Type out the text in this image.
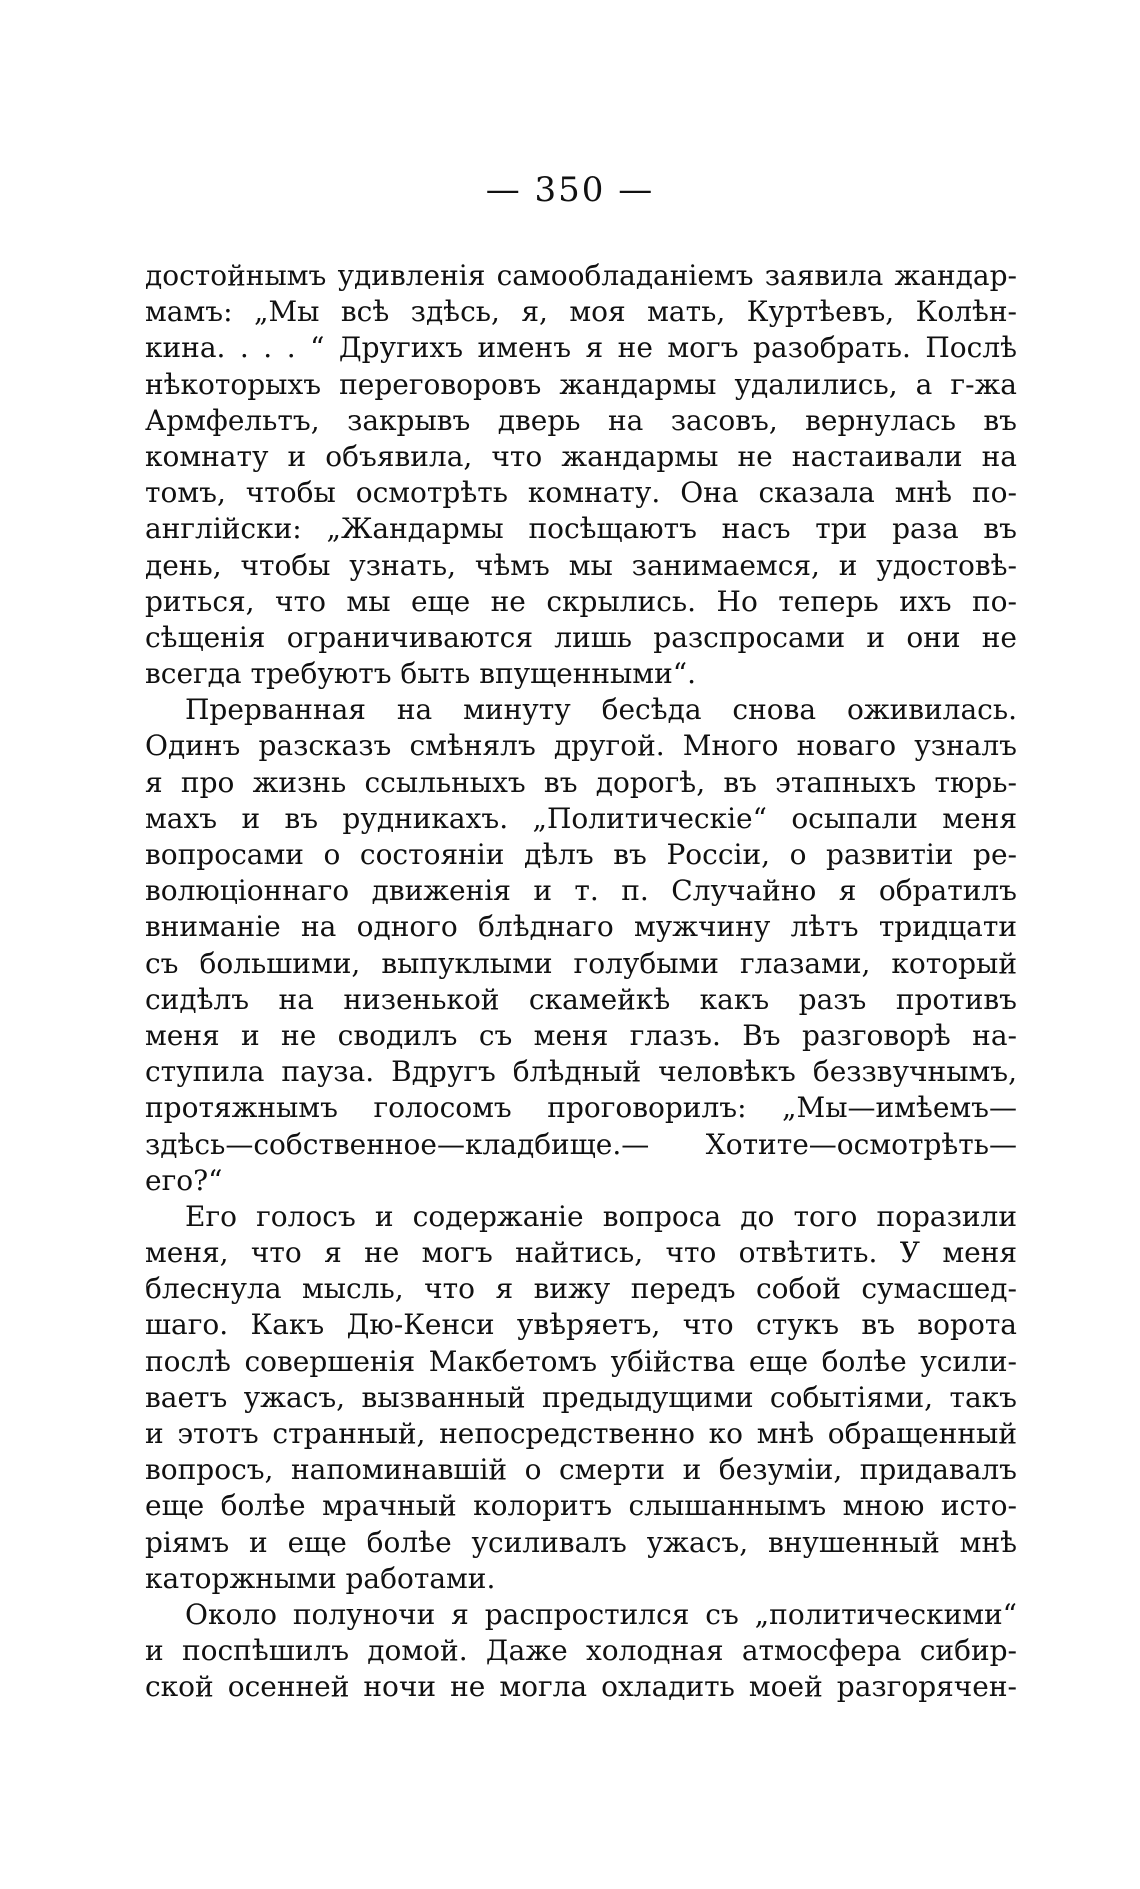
— 350 —

достойнымъ удивленія самообладаніемъ заявила жандар-
мамъ: „Мы всѣ здѣсь, я, моя мать, Куртѣевъ, Колѣн-
кина. . . . “ Другихъ именъ я не могъ разобрать. Послѣ
нѣкоторыхъ переговоровъ жандармы удалились, а г-жа
Армфельтъ, закрывъ дверь на засовъ, вернулась въ
комнату и объявила, что жандармы не настаивали на
томъ, чтобы осмотрѣть комнату. Она сказала мнѣ по-
англійски: „Жандармы посѣщаютъ насъ три раза въ
день, чтобы узнать, чѣмъ мы занимаемся, и удостовѣ-
риться, что мы еще не скрылись. Но теперь ихъ по-
сѣщенія ограничиваются лишь разспросами и они не
всегда требуютъ быть впущенными“.
Прерванная на минуту бесѣда снова оживилась.
Одинъ разсказъ смѣнялъ другой. Много новаго узналъ
я про жизнь ссыльныхъ въ дорогѣ, въ этапныхъ тюрь-
махъ и въ рудникахъ. „Политическіе“ осыпали меня
вопросами о состояніи дѣлъ въ Россіи, о развитіи ре-
волюціоннаго движенія и т. п. Случайно я обратилъ
вниманіе на одного блѣднаго мужчину лѣтъ тридцати
съ большими, выпуклыми голубыми глазами, который
сидѣлъ на низенькой скамейкѣ какъ разъ противъ
меня и не сводилъ съ меня глазъ. Въ разговорѣ на-
ступила пауза. Вдругъ блѣдный человѣкъ беззвучнымъ,
протяжнымъ голосомъ проговорилъ: „Мы—имѣемъ—
здѣсь—собственное—кладбище.— Хотите—осмотрѣть—
его?“
Его голосъ и содержаніе вопроса до того поразили
меня, что я не могъ найтись, что отвѣтить. У меня
блеснула мысль, что я вижу передъ собой сумасшед-
шаго. Какъ Дю-Кенси увѣряетъ, что стукъ въ ворота
послѣ совершенія Макбетомъ убійства еще болѣе усили-
ваетъ ужасъ, вызванный предыдущими событіями, такъ
и этотъ странный, непосредственно ко мнѣ обращенный
вопросъ, напоминавшій о смерти и безуміи, придавалъ
еще болѣе мрачный колоритъ слышаннымъ мною исто-
ріямъ и еще болѣе усиливалъ ужасъ, внушенный мнѣ
каторжными работами.
Около полуночи я распростился съ „политическими“
и поспѣшилъ домой. Даже холодная атмосфера сибир-
ской осенней ночи не могла охладить моей разгорячен-
